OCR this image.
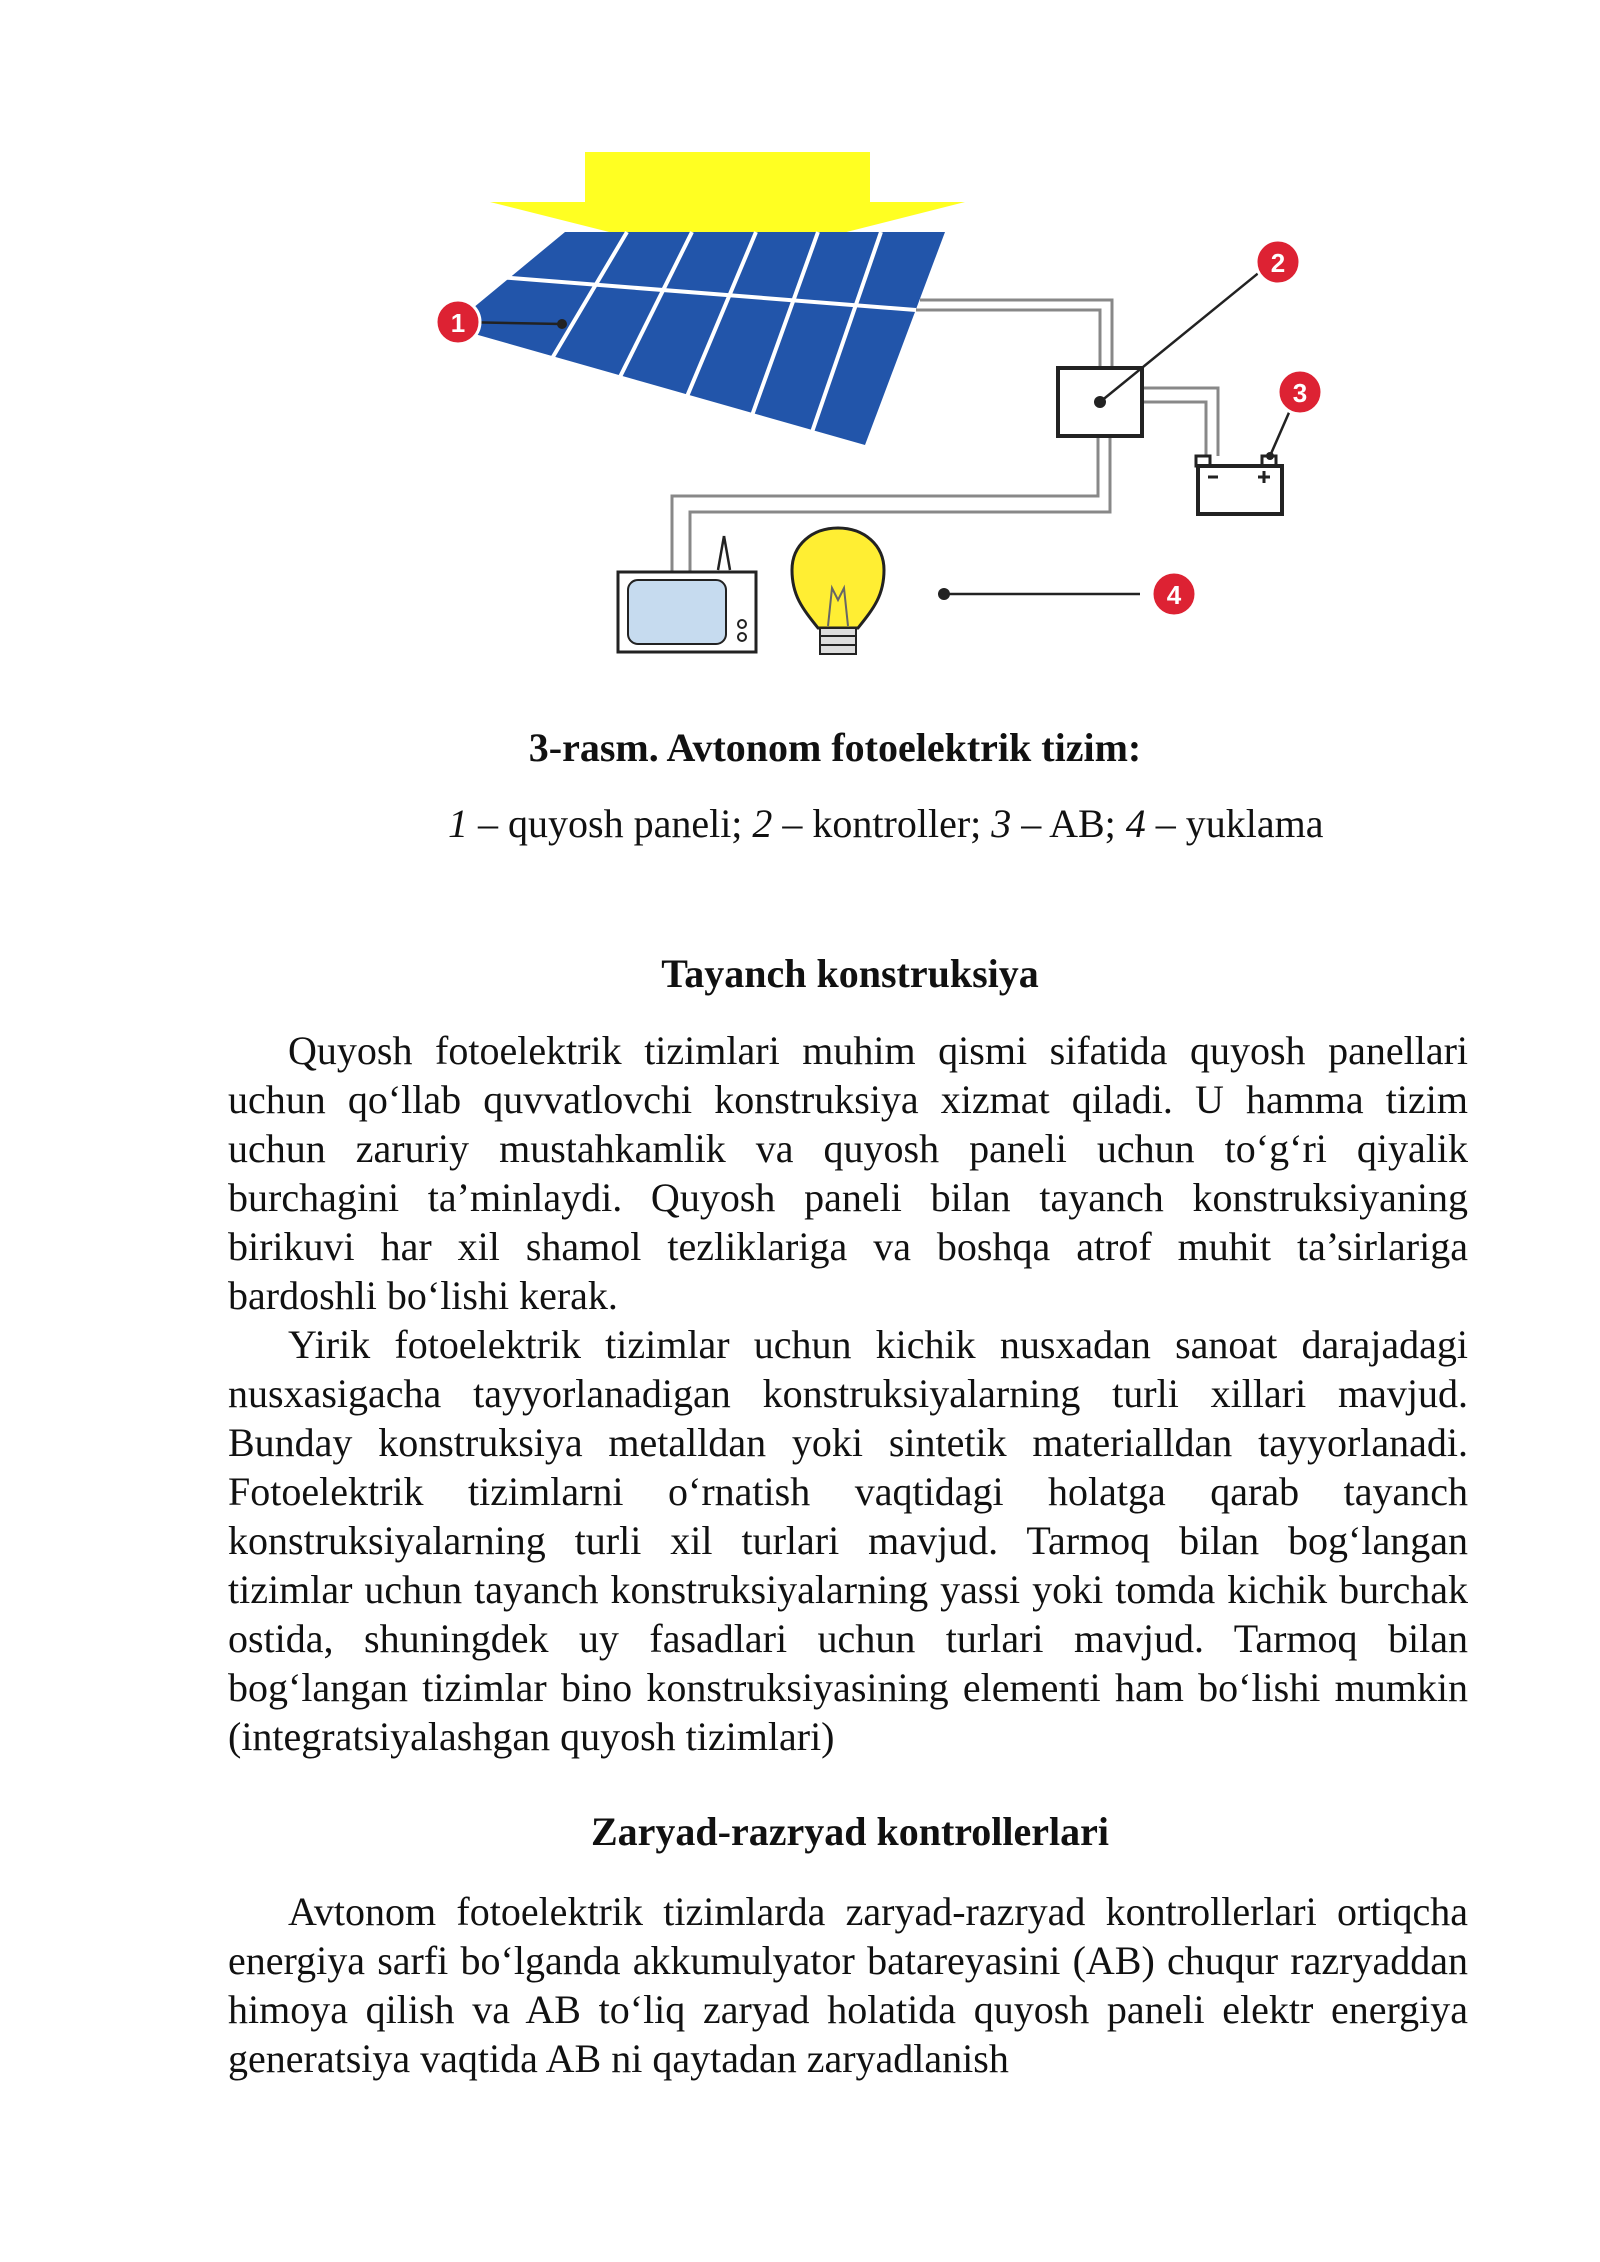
1
2
3
4
3-rasm. Avtonom fotoelektrik tizim:
1 – quyosh paneli; 2 – kontroller; 3 – AB; 4 – yuklama
Tayanch konstruksiya

Quyosh fotoelektrik tizimlari muhim qismi sifatida quyosh panellari uchun qo‘llab quvvatlovchi konstruksiya xizmat qiladi. U hamma tizim uchun zaruriy mustahkamlik va quyosh paneli uchun to‘g‘ri qiyalik burchagini ta’minlaydi. Quyosh paneli bilan tayanch konstruksiyaning birikuvi har xil shamol tezliklariga va boshqa atrof muhit ta’sirlariga bardoshli bo‘lishi kerak.

Yirik fotoelektrik tizimlar uchun kichik nusxadan sanoat darajadagi nusxasigacha tayyorlanadigan konstruksiyalarning turli xillari mavjud. Bunday konstruksiya metalldan yoki sintetik materialldan tayyorlanadi. Fotoelektrik tizimlarni o‘rnatish vaqtidagi holatga qarab tayanch konstruksiyalarning turli xil turlari mavjud. Tarmoq bilan bog‘langan tizimlar uchun tayanch konstruksiyalarning yassi yoki tomda kichik burchak ostida, shuningdek uy fasadlari uchun turlari mavjud. Tarmoq bilan bog‘langan tizimlar bino konstruksiyasining elementi ham bo‘lishi mumkin (integratsiyalashgan quyosh tizimlari)

Zaryad-razryad kontrollerlari

Avtonom fotoelektrik tizimlarda zaryad-razryad kontrollerlari ortiqcha energiya sarfi bo‘lganda akkumulyator batareyasini (AB) chuqur razryaddan himoya qilish va AB to‘liq zaryad holatida quyosh paneli elektr energiya generatsiya vaqtida AB ni qaytadan zaryadlanish
